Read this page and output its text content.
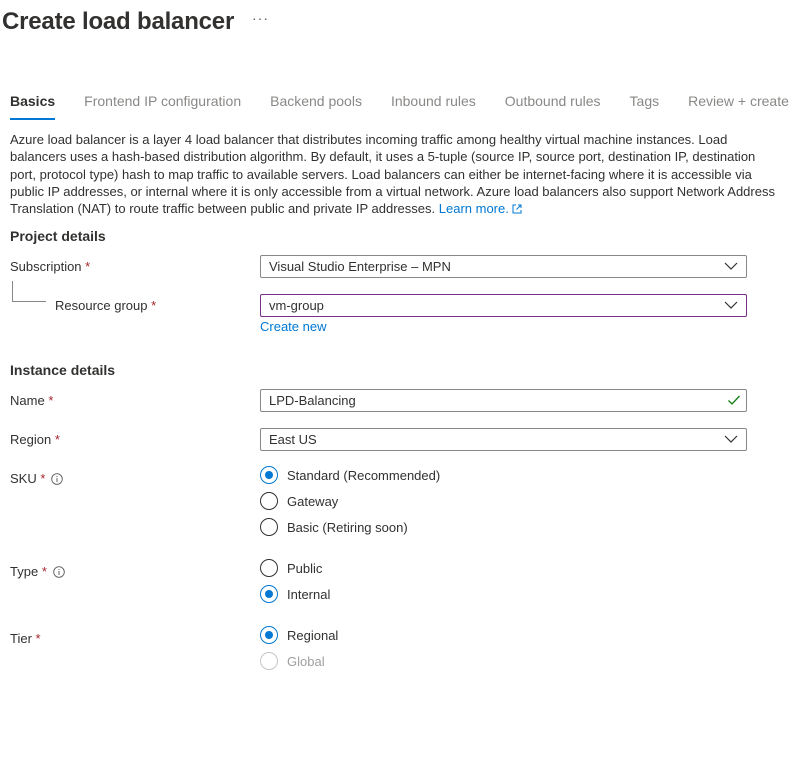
Create load balancer ···
Basics Frontend IP configuration Backend pools Inbound rules Outbound rules Tags Review + create
Azure load balancer is a layer 4 load balancer that distributes incoming traffic among healthy virtual machine instances. Load balancers uses a hash-based distribution algorithm. By default, it uses a 5-tuple (source IP, source port, destination IP, destination port, protocol type) hash to map traffic to available servers. Load balancers can either be internet-facing where it is accessible via public IP addresses, or internal where it is only accessible from a virtual network. Azure load balancers also support Network Address Translation (NAT) to route traffic between public and private IP addresses. Learn more.
Project details
Subscription *	Visual Studio Enterprise – MPN
Resource group *	vm-group
Create new
Instance details
Name *	LPD-Balancing
Region *	East US
SKU *	Standard (Recommended)
Gateway
Basic (Retiring soon)
Type *	Public
Internal
Tier *	Regional
Global
